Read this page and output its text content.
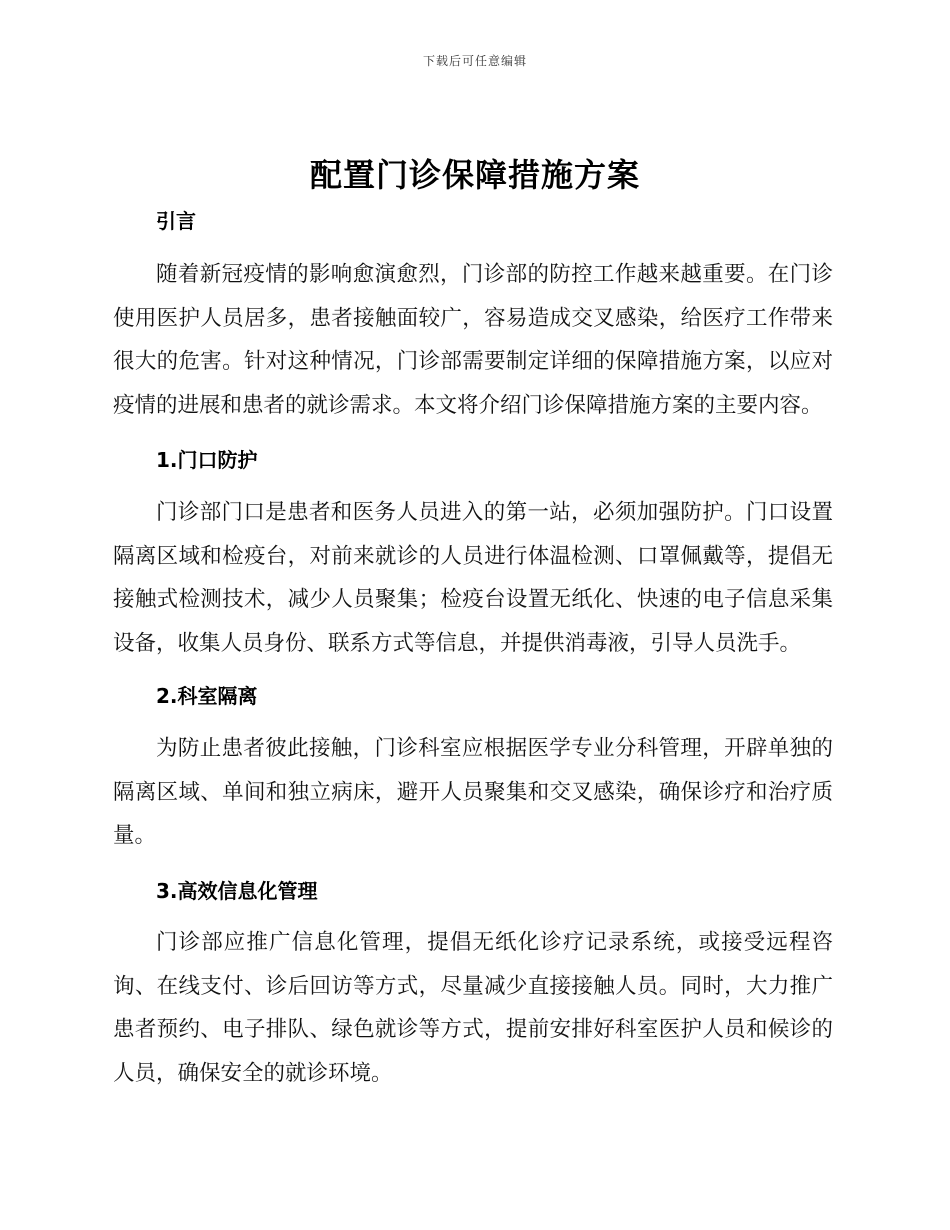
下载后可任意编辑
配置门诊保障措施方案
引言

随着新冠疫情的影响愈演愈烈，门诊部的防控工作越来越重要。在门诊使用医护人员居多，患者接触面较广，容易造成交叉感染，给医疗工作带来很大的危害。针对这种情况，门诊部需要制定详细的保障措施方案，以应对疫情的进展和患者的就诊需求。本文将介绍门诊保障措施方案的主要内容。

1.门口防护

门诊部门口是患者和医务人员进入的第一站，必须加强防护。门口设置隔离区域和检疫台，对前来就诊的人员进行体温检测、口罩佩戴等，提倡无接触式检测技术，减少人员聚集；检疫台设置无纸化、快速的电子信息采集设备，收集人员身份、联系方式等信息，并提供消毒液，引导人员洗手。

2.科室隔离

为防止患者彼此接触，门诊科室应根据医学专业分科管理，开辟单独的隔离区域、单间和独立病床，避开人员聚集和交叉感染，确保诊疗和治疗质量。

3.高效信息化管理

门诊部应推广信息化管理，提倡无纸化诊疗记录系统，或接受远程咨询、在线支付、诊后回访等方式，尽量减少直接接触人员。同时，大力推广患者预约、电子排队、绿色就诊等方式，提前安排好科室医护人员和候诊的人员，确保安全的就诊环境。
